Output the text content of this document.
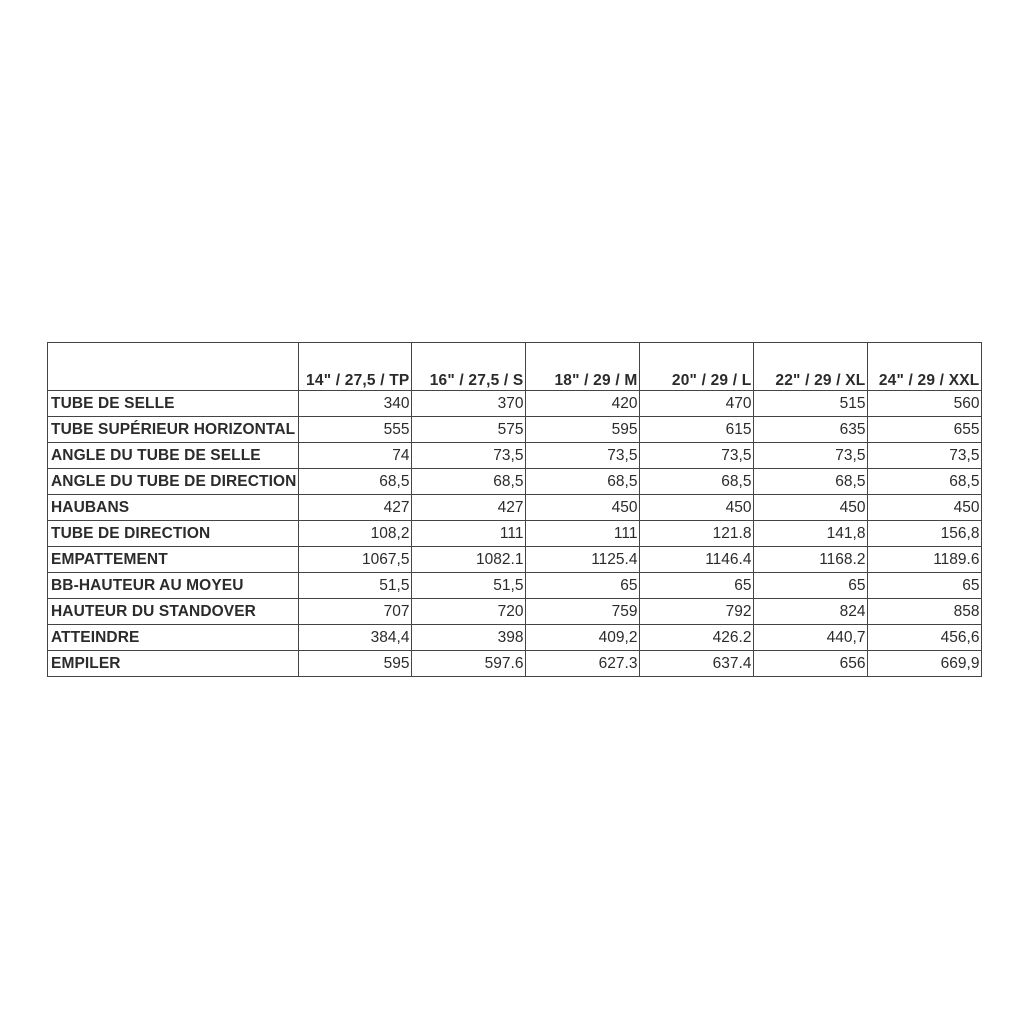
	14" / 27,5 / TP	16" / 27,5 / S	18" / 29 / M	20" / 29 / L	22" / 29 / XL	24" / 29 / XXL
TUBE DE SELLE	340	370	420	470	515	560
TUBE SUPÉRIEUR HORIZONTAL	555	575	595	615	635	655
ANGLE DU TUBE DE SELLE	74	73,5	73,5	73,5	73,5	73,5
ANGLE DU TUBE DE DIRECTION	68,5	68,5	68,5	68,5	68,5	68,5
HAUBANS	427	427	450	450	450	450
TUBE DE DIRECTION	108,2	111	111	121.8	141,8	156,8
EMPATTEMENT	1067,5	1082.1	1125.4	1146.4	1168.2	1189.6
BB-HAUTEUR AU MOYEU	51,5	51,5	65	65	65	65
HAUTEUR DU STANDOVER	707	720	759	792	824	858
ATTEINDRE	384,4	398	409,2	426.2	440,7	456,6
EMPILER	595	597.6	627.3	637.4	656	669,9
